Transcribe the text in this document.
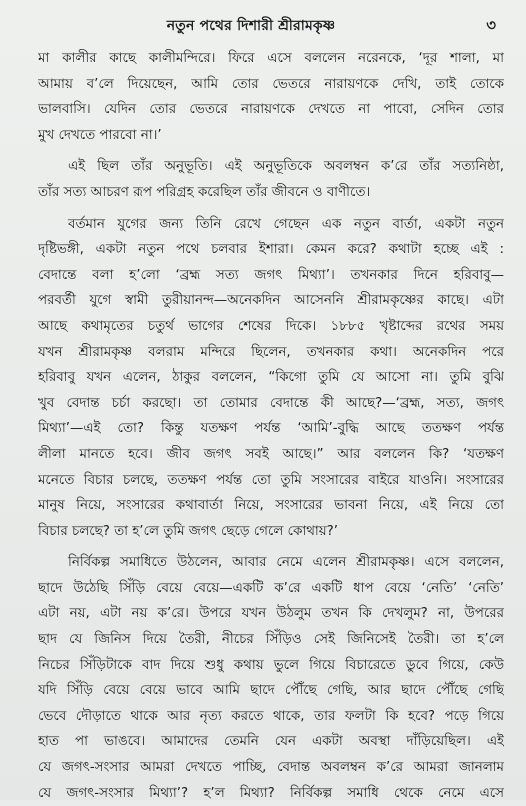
নতুন পথের দিশারী শ্রীরামকৃষ্ণ	৩
মা কালীর কাছে কালীমন্দিরে। ফিরে এসে বললেন নরেনকে, ‘দূর শালা, মা
আমায় ব’লে দিয়েছেন, আমি তোর ভেতরে নারায়ণকে দেখি, তাই তোকে
ভালবাসি। যেদিন তোর ভেতরে নারায়ণকে দেখতে না পাবো, সেদিন তোর
মুখ দেখতে পারবো না।’
এই ছিল তাঁর অনুভূতি। এই অনুভূতিকে অবলম্বন ক’রে তাঁর সত্যনিষ্ঠা,
তাঁর সত্য আচরণ রূপ পরিগ্রহ করেছিল তাঁর জীবনে ও বাণীতে।
বর্তমান যুগের জন্য তিনি রেখে গেছেন এক নতুন বার্তা, একটা নতুন
দৃষ্টিভঙ্গী, একটা নতুন পথে চলবার ইশারা। কেমন করে? কথাটা হচ্ছে এই :
বেদান্তে বলা হ’লো ‘ব্রহ্ম সত্য জগৎ মিথ্যা’। তখনকার দিনে হরিবাবু—
পরবর্তী যুগে স্বামী তুরীয়ানন্দ—অনেকদিন আসেননি শ্রীরামকৃষ্ণের কাছে। এটা
আছে কথামৃতের চতুর্থ ভাগের শেষের দিকে। ১৮৮৫ খৃষ্টাব্দের রথের সময়
যখন শ্রীরামকৃষ্ণ বলরাম মন্দিরে ছিলেন, তখনকার কথা। অনেকদিন পরে
হরিবাবু যখন এলেন, ঠাকুর বললেন, “কিগো তুমি যে আসো না। তুমি বুঝি
খুব বেদান্ত চর্চা করছো। তা তোমার বেদান্তে কী আছে?—‘ব্রহ্ম, সত্য, জগৎ
মিথ্যা’—এই তো? কিন্তু যতক্ষণ পর্যন্ত ‘আমি’-বুদ্ধি আছে ততক্ষণ পর্যন্ত
লীলা মানতে হবে। জীব জগৎ সবই আছে।” আর বললেন কি? ‘যতক্ষণ
মনেতে বিচার চলছে, ততক্ষণ পর্যন্ত তো তুমি সংসারের বাইরে যাওনি। সংসারের
মানুষ নিয়ে, সংসারের কথাবার্তা নিয়ে, সংসারের ভাবনা নিয়ে, এই নিয়ে তো
বিচার চলছে? তা হ’লে তুমি জগৎ ছেড়ে গেলে কোথায়?’
নির্বিকল্প সমাধিতে উঠলেন, আবার নেমে এলেন শ্রীরামকৃষ্ণ। এসে বললেন,
ছাদে উঠেছি সিঁড়ি বেয়ে বেয়ে—একটি ক’রে একটি ধাপ বেয়ে ‘নেতি’ ‘নেতি’
এটা নয়, এটা নয় ক’রে। উপরে যখন উঠলুম তখন কি দেখলুম? না, উপরের
ছাদ যে জিনিস দিয়ে তৈরী, নীচের সিঁড়িও সেই জিনিসেই তৈরী। তা হ’লে
নিচের সিঁড়িটাকে বাদ দিয়ে শুধু কথায় ভুলে গিয়ে বিচারেতে ডুবে গিয়ে, কেউ
যদি সিঁড়ি বেয়ে বেয়ে ভাবে আমি ছাদে পৌঁছে গেছি, আর ছাদে পৌঁছে গেছি
ভেবে দৌড়াতে থাকে আর নৃত্য করতে থাকে, তার ফলটা কি হবে? পড়ে গিয়ে
হাত পা ভাঙবে। আমাদের তেমনি যেন একটা অবস্থা দাঁড়িয়েছিল। এই
যে জগৎ-সংসার আমরা দেখতে পাচ্ছি, বেদান্ত অবলম্বন ক’রে আমরা জানলাম
যে জগৎ-সংসার মিথ্যা’? হ’ল মিথ্যা? নির্বিকল্প সমাধি থেকে নেমে এসে
